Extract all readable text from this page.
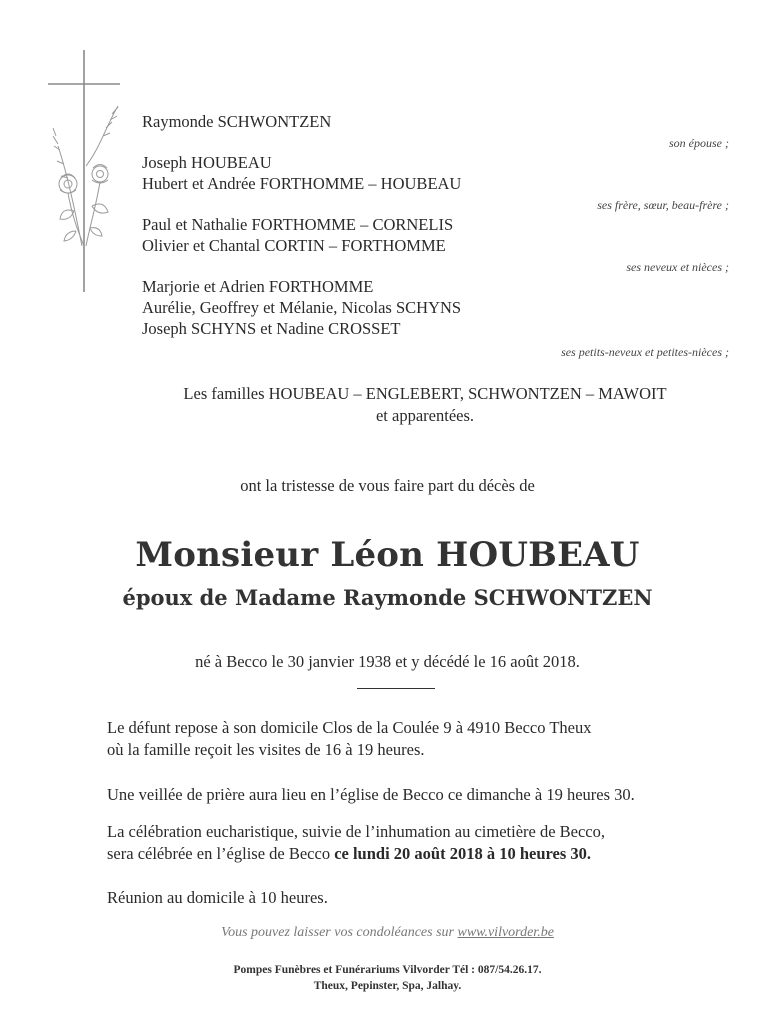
Raymonde SCHWONTZEN
son épouse ;
Joseph HOUBEAU
Hubert et Andrée FORTHOMME – HOUBEAU
ses frère, sœur, beau-frère ;
Paul et Nathalie FORTHOMME – CORNELIS
Olivier et Chantal CORTIN – FORTHOMME
ses neveux et nièces ;
Marjorie et Adrien FORTHOMME
Aurélie, Geoffrey et Mélanie, Nicolas SCHYNS
Joseph SCHYNS et Nadine CROSSET
ses petits-neveux et petites-nièces ;
Les familles HOUBEAU – ENGLEBERT, SCHWONTZEN – MAWOIT
et apparentées.
ont la tristesse de vous faire part du décès de
Monsieur Léon HOUBEAU
époux de Madame Raymonde SCHWONTZEN
né à Becco le 30 janvier 1938 et y décédé le 16 août 2018.
Le défunt repose à son domicile Clos de la Coulée 9 à 4910 Becco Theux
où la famille reçoit les visites de 16 à 19 heures.
Une veillée de prière aura lieu en l’église de Becco ce dimanche à 19 heures 30.
La célébration eucharistique, suivie de l’inhumation au cimetière de Becco,
sera célébrée en l’église de Becco ce lundi 20 août 2018 à 10 heures 30.
Réunion au domicile à 10 heures.
Vous pouvez laisser vos condoléances sur www.vilvorder.be
Pompes Funèbres et Funérariums Vilvorder Tél : 087/54.26.17.
Theux, Pepinster, Spa, Jalhay.
